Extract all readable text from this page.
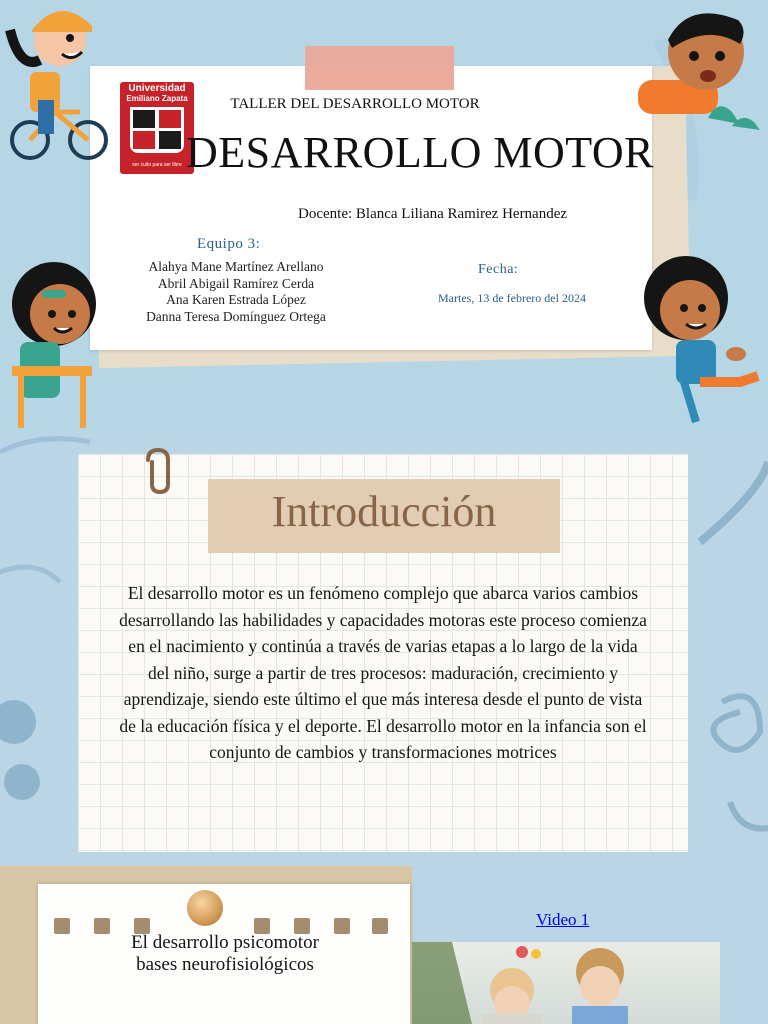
Universidad
Emiliano Zapata
ser culto para ser libre
TALLER DEL DESARROLLO MOTOR
DESARROLLO MOTOR
Docente: Blanca Liliana Ramirez Hernandez
Equipo 3:
Alahya Mane Martínez Arellano
Abril Abigail Ramírez Cerda
Ana Karen Estrada López
Danna Teresa Domínguez Ortega
Fecha:
Martes, 13 de febrero del 2024
Introducción
El desarrollo motor es un fenómeno complejo que abarca varios cambios desarrollando las habilidades y capacidades motoras este proceso comienza en el nacimiento y continúa a través de varias etapas a lo largo de la vida del niño, surge a partir de tres procesos: maduración, crecimiento y aprendizaje, siendo este último el que más interesa desde el punto de vista de la educación física y el deporte. El desarrollo motor en la infancia son el conjunto de cambios y transformaciones motrices
El desarrollo psicomotor
bases neurofisiológicos
Video 1
